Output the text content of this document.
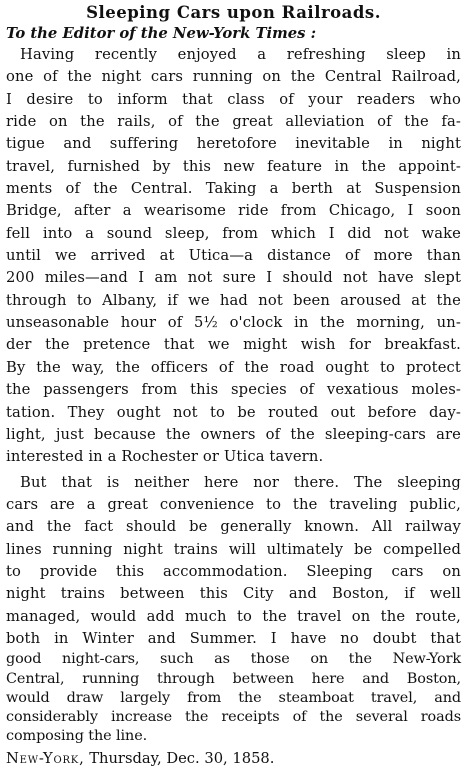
Sleeping Cars upon Railroads.
To the Editor of the New-York Times :
Having recently enjoyed a refreshing sleep in
one of the night cars running on the Central Railroad,
I desire to inform that class of your readers who
ride on the rails, of the great alleviation of the fa-
tigue and suffering heretofore inevitable in night
travel, furnished by this new feature in the appoint-
ments of the Central. Taking a berth at Suspension
Bridge, after a wearisome ride from Chicago, I soon
fell into a sound sleep, from which I did not wake
until we arrived at Utica—a distance of more than
200 miles—and I am not sure I should not have slept
through to Albany, if we had not been aroused at the
unseasonable hour of 5½ o'clock in the morning, un-
der the pretence that we might wish for breakfast.
By the way, the officers of the road ought to protect
the passengers from this species of vexatious moles-
tation. They ought not to be routed out before day-
light, just because the owners of the sleeping-cars are
interested in a Rochester or Utica tavern.
But that is neither here nor there. The sleeping
cars are a great convenience to the traveling public,
and the fact should be generally known. All railway
lines running night trains will ultimately be compelled
to provide this accommodation. Sleeping cars on
night trains between this City and Boston, if well
managed, would add much to the travel on the route,
both in Winter and Summer. I have no doubt that
good night-cars, such as those on the New-York
Central, running through between here and Boston,
would draw largely from the steamboat travel, and
considerably increase the receipts of the several roads
composing the line.
New-York, Thursday, Dec. 30, 1858.
